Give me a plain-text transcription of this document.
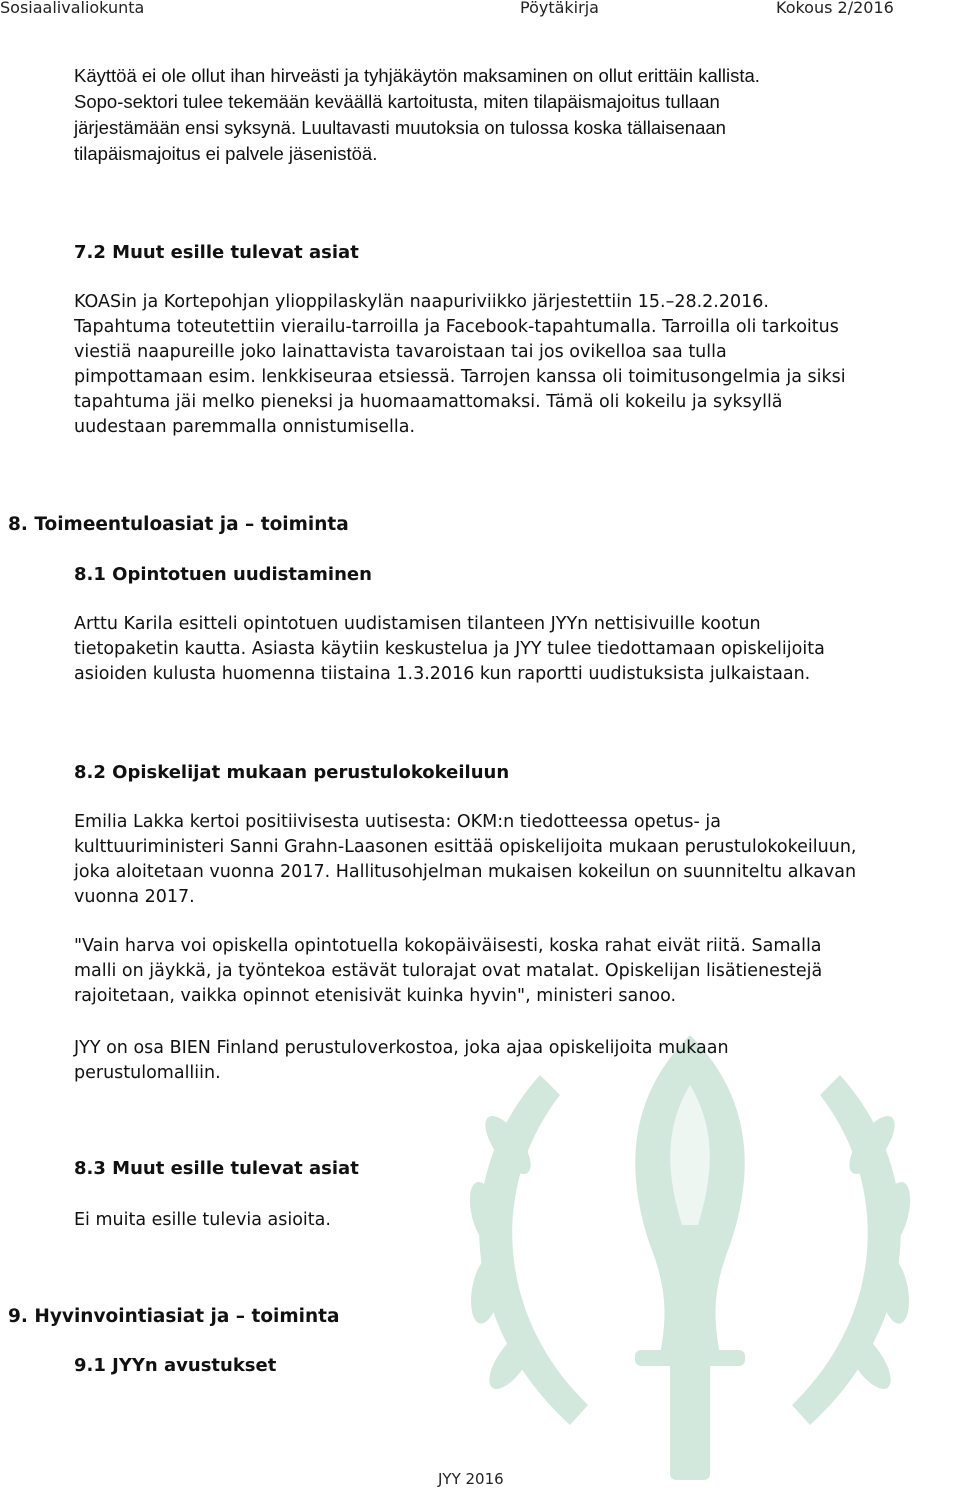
Sosiaalivaliokunta	Pöytäkirja	Kokous 2/2016
Käyttöä ei ole ollut ihan hirveästi ja tyhjäkäytön maksaminen on ollut erittäin kallista.
Sopo-sektori tulee tekemään keväällä kartoitusta, miten tilapäismajoitus tullaan
järjestämään ensi syksynä. Luultavasti muutoksia on tulossa koska tällaisenaan
tilapäismajoitus ei palvele jäsenistöä.
7.2 Muut esille tulevat asiat
KOASin ja Kortepohjan ylioppilaskylän naapuriviikko järjestettiin 15.–28.2.2016.
Tapahtuma toteutettiin vierailu-tarroilla ja Facebook-tapahtumalla. Tarroilla oli tarkoitus
viestiä naapureille joko lainattavista tavaroistaan tai jos ovikelloa saa tulla
pimpottamaan esim. lenkkiseuraa etsiessä. Tarrojen kanssa oli toimitusongelmia ja siksi
tapahtuma jäi melko pieneksi ja huomaamattomaksi. Tämä oli kokeilu ja syksyllä
uudestaan paremmalla onnistumisella.
8. Toimeentuloasiat ja – toiminta
8.1 Opintotuen uudistaminen
Arttu Karila esitteli opintotuen uudistamisen tilanteen JYYn nettisivuille kootun
tietopaketin kautta. Asiasta käytiin keskustelua ja JYY tulee tiedottamaan opiskelijoita
asioiden kulusta huomenna tiistaina 1.3.2016 kun raportti uudistuksista julkaistaan.
8.2 Opiskelijat mukaan perustulokokeiluun
Emilia Lakka kertoi positiivisesta uutisesta: OKM:n tiedotteessa opetus- ja
kulttuuriministeri Sanni Grahn-Laasonen esittää opiskelijoita mukaan perustulokokeiluun,
joka aloitetaan vuonna 2017. Hallitusohjelman mukaisen kokeilun on suunniteltu alkavan
vuonna 2017.
"Vain harva voi opiskella opintotuella kokopäiväisesti, koska rahat eivät riitä. Samalla
malli on jäykkä, ja työntekoa estävät tulorajat ovat matalat. Opiskelijan lisätienestejä
rajoitetaan, vaikka opinnot etenisivät kuinka hyvin", ministeri sanoo.
JYY on osa BIEN Finland perustuloverkostoa, joka ajaa opiskelijoita mukaan
perustulomalliin.
8.3 Muut esille tulevat asiat
Ei muita esille tulevia asioita.
9. Hyvinvointiasiat ja – toiminta
9.1 JYYn avustukset
JYY 2016
